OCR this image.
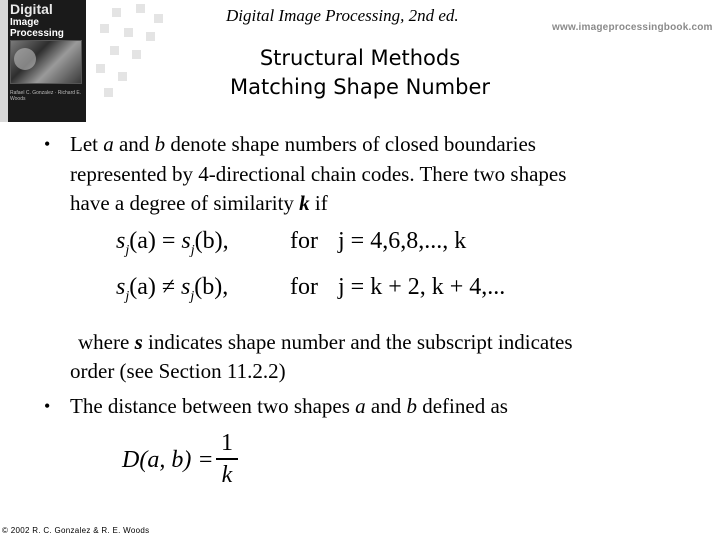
Digital
Image
Processing
Rafael C. Gonzalez · Richard E. Woods
Digital Image Processing, 2nd ed.
www.imageprocessingbook.com
Structural Methods
Matching Shape Number
• Let a and b denote shape numbers of closed boundaries
represented by 4-directional chain codes. There two shapes
have a degree of similarity k if
$s_j(a) = s_j(b)$,	for j = 4,6,8,..., k
$s_j(a) \ne s_j(b)$,	for j = k + 2, k + 4,...
where s indicates shape number and the subscript indicates
order (see Section 11.2.2)
• The distance between two shapes a and b defined as
D(a, b) =
1
k
© 2002 R. C. Gonzalez & R. E. Woods
